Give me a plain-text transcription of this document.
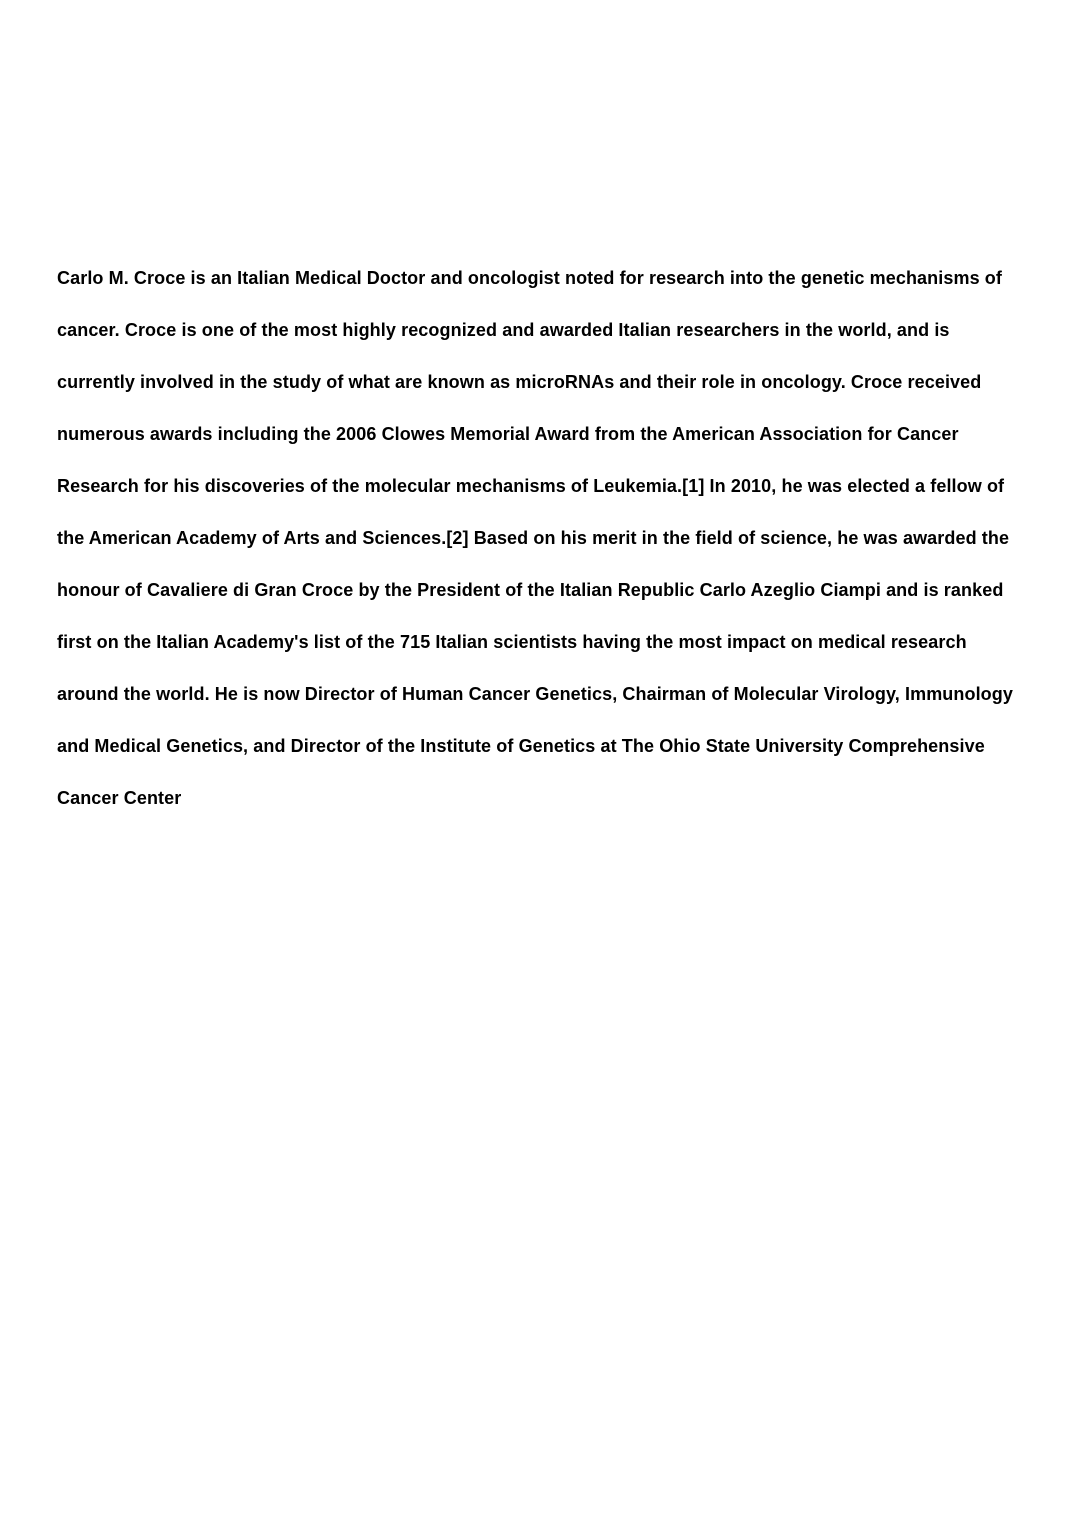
Carlo M. Croce is an Italian Medical Doctor and oncologist noted for research into the genetic mechanisms of
cancer. Croce is one of the most highly recognized and awarded Italian researchers in the world, and is
currently involved in the study of what are known as microRNAs and their role in oncology. Croce received
numerous awards including the 2006 Clowes Memorial Award from the American Association for Cancer
Research for his discoveries of the molecular mechanisms of Leukemia.[1] In 2010, he was elected a fellow of
the American Academy of Arts and Sciences.[2] Based on his merit in the field of science, he was awarded the
honour of Cavaliere di Gran Croce by the President of the Italian Republic Carlo Azeglio Ciampi and is ranked
first on the Italian Academy's list of the 715 Italian scientists having the most impact on medical research
around the world. He is now Director of Human Cancer Genetics, Chairman of Molecular Virology, Immunology
and Medical Genetics, and Director of the Institute of Genetics at The Ohio State University Comprehensive
Cancer Center
